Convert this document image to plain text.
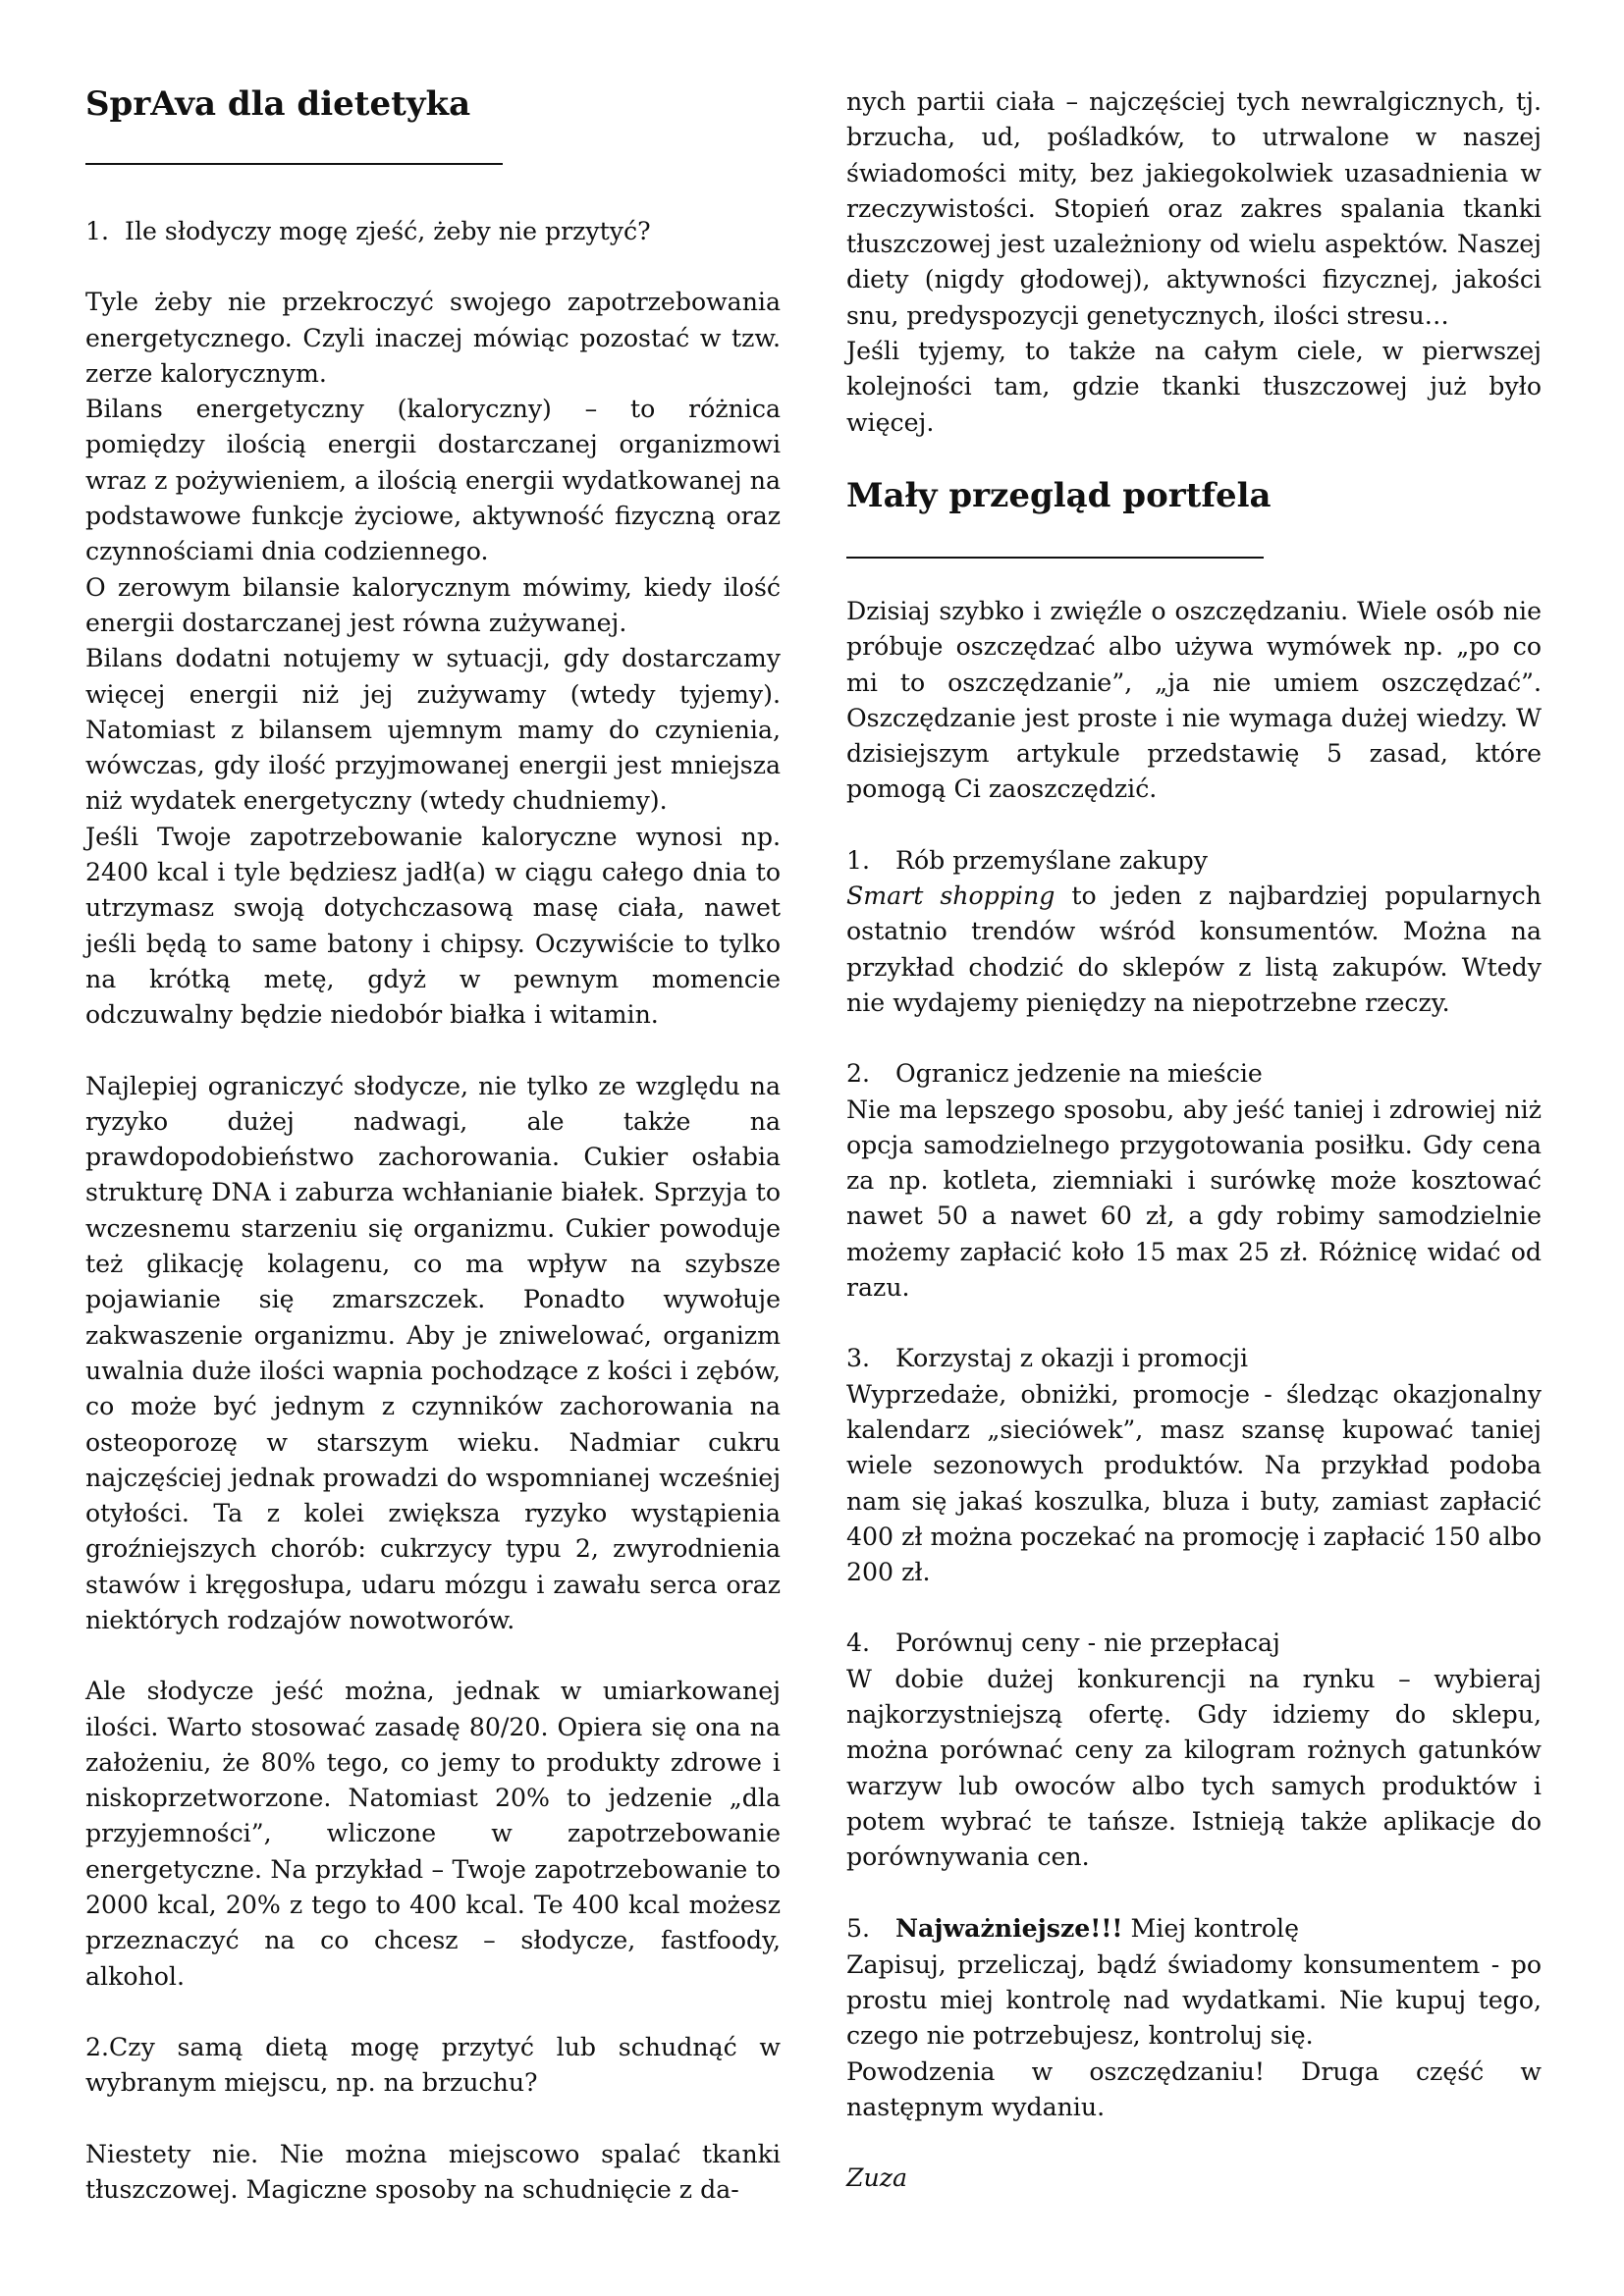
SprAva dla dietetyka

1. Ile słodyczy mogę zjeść, żeby nie przytyć?

Tyle żeby nie przekroczyć swojego zapotrzebowania energetycznego. Czyli inaczej mówiąc pozostać w tzw. zerze kalorycznym.

Bilans energetyczny (kaloryczny) – to różnica pomiędzy ilością energii dostarczanej organizmowi wraz z pożywieniem, a ilością energii wydatkowanej na podstawowe funkcje życiowe, aktywność fizyczną oraz czynnościami dnia codziennego.

O zerowym bilansie kalorycznym mówimy, kiedy ilość energii dostarczanej jest równa zużywanej.

Bilans dodatni notujemy w sytuacji, gdy dostarczamy więcej energii niż jej zużywamy (wtedy tyjemy). Natomiast z bilansem ujemnym mamy do czynienia, wówczas, gdy ilość przyjmowanej energii jest mniejsza niż wydatek energetyczny (wtedy chudniemy).

Jeśli Twoje zapotrzebowanie kaloryczne wynosi np. 2400 kcal i tyle będziesz jadł(a) w ciągu całego dnia to utrzymasz swoją dotychczasową masę ciała, nawet jeśli będą to same batony i chipsy. Oczywiście to tylko na krótką metę, gdyż w pewnym momencie odczuwalny będzie niedobór białka i witamin.

Najlepiej ograniczyć słodycze, nie tylko ze względu na ryzyko dużej nadwagi, ale także na prawdopodobieństwo zachorowania. Cukier osłabia strukturę DNA i zaburza wchłanianie białek. Sprzyja to wczesnemu starzeniu się organizmu. Cukier powoduje też glikację kolagenu, co ma wpływ na szybsze pojawianie się zmarszczek. Ponadto wywołuje zakwaszenie organizmu. Aby je zniwelować, organizm uwalnia duże ilości wapnia pochodzące z kości i zębów, co może być jednym z czynników zachorowania na osteoporozę w starszym wieku. Nadmiar cukru najczęściej jednak prowadzi do wspomnianej wcześniej otyłości. Ta z kolei zwiększa ryzyko wystąpienia groźniejszych chorób: cukrzycy typu 2, zwyrodnienia stawów i kręgosłupa, udaru mózgu i zawału serca oraz niektórych rodzajów nowotworów.

Ale słodycze jeść można, jednak w umiarkowanej ilości. Warto stosować zasadę 80/20. Opiera się ona na założeniu, że 80% tego, co jemy to produkty zdrowe i niskoprzetworzone. Natomiast 20% to jedzenie „dla przyjemności”, wliczone w zapotrzebowanie energetyczne. Na przykład – Twoje zapotrzebowanie to 2000 kcal, 20% z tego to 400 kcal. Te 400 kcal możesz przeznaczyć na co chcesz – słodycze, fastfoody, alkohol.

2.Czy samą dietą mogę przytyć lub schudnąć w wybranym miejscu, np. na brzuchu?

Niestety nie. Nie można miejscowo spalać tkanki tłuszczowej. Magiczne sposoby na schudnięcie z da-

nych partii ciała – najczęściej tych newralgicznych, tj. brzucha, ud, pośladków, to utrwalone w naszej świadomości mity, bez jakiegokolwiek uzasadnienia w rzeczywistości. Stopień oraz zakres spalania tkanki tłuszczowej jest uzależniony od wielu aspektów. Naszej diety (nigdy głodowej), aktywności fizycznej, jakości snu, predyspozycji genetycznych, ilości stresu…

Jeśli tyjemy, to także na całym ciele, w pierwszej kolejności tam, gdzie tkanki tłuszczowej już było więcej.

Mały przegląd portfela

Dzisiaj szybko i zwięźle o oszczędzaniu. Wiele osób nie próbuje oszczędzać albo używa wymówek np. „po co mi to oszczędzanie”, „ja nie umiem oszczędzać”. Oszczędzanie jest proste i nie wymaga dużej wiedzy. W dzisiejszym artykule przedstawię 5 zasad, które pomogą Ci zaoszczędzić.

1. Rób przemyślane zakupy

Smart shopping to jeden z najbardziej popularnych ostatnio trendów wśród konsumentów. Można na przykład chodzić do sklepów z listą zakupów. Wtedy nie wydajemy pieniędzy na niepotrzebne rzeczy.

2. Ogranicz jedzenie na mieście

Nie ma lepszego sposobu, aby jeść taniej i zdrowiej niż opcja samodzielnego przygotowania posiłku. Gdy cena za np. kotleta, ziemniaki i surówkę może kosztować nawet 50 a nawet 60 zł, a gdy robimy samodzielnie możemy zapłacić koło 15 max 25 zł. Różnicę widać od razu.

3. Korzystaj z okazji i promocji

Wyprzedaże, obniżki, promocje - śledząc okazjonalny kalendarz „sieciówek”, masz szansę kupować taniej wiele sezonowych produktów. Na przykład podoba nam się jakaś koszulka, bluza i buty, zamiast zapłacić 400 zł można poczekać na promocję i zapłacić 150 albo 200 zł.

4. Porównuj ceny - nie przepłacaj

W dobie dużej konkurencji na rynku – wybieraj najkorzystniejszą ofertę. Gdy idziemy do sklepu, można porównać ceny za kilogram rożnych gatunków warzyw lub owoców albo tych samych produktów i potem wybrać te tańsze. Istnieją także aplikacje do porównywania cen.

5. Najważniejsze!!! Miej kontrolę

Zapisuj, przeliczaj, bądź świadomy konsumentem - po prostu miej kontrolę nad wydatkami. Nie kupuj tego, czego nie potrzebujesz, kontroluj się.

Powodzenia w oszczędzaniu! Druga część w następnym wydaniu.

Zuza
